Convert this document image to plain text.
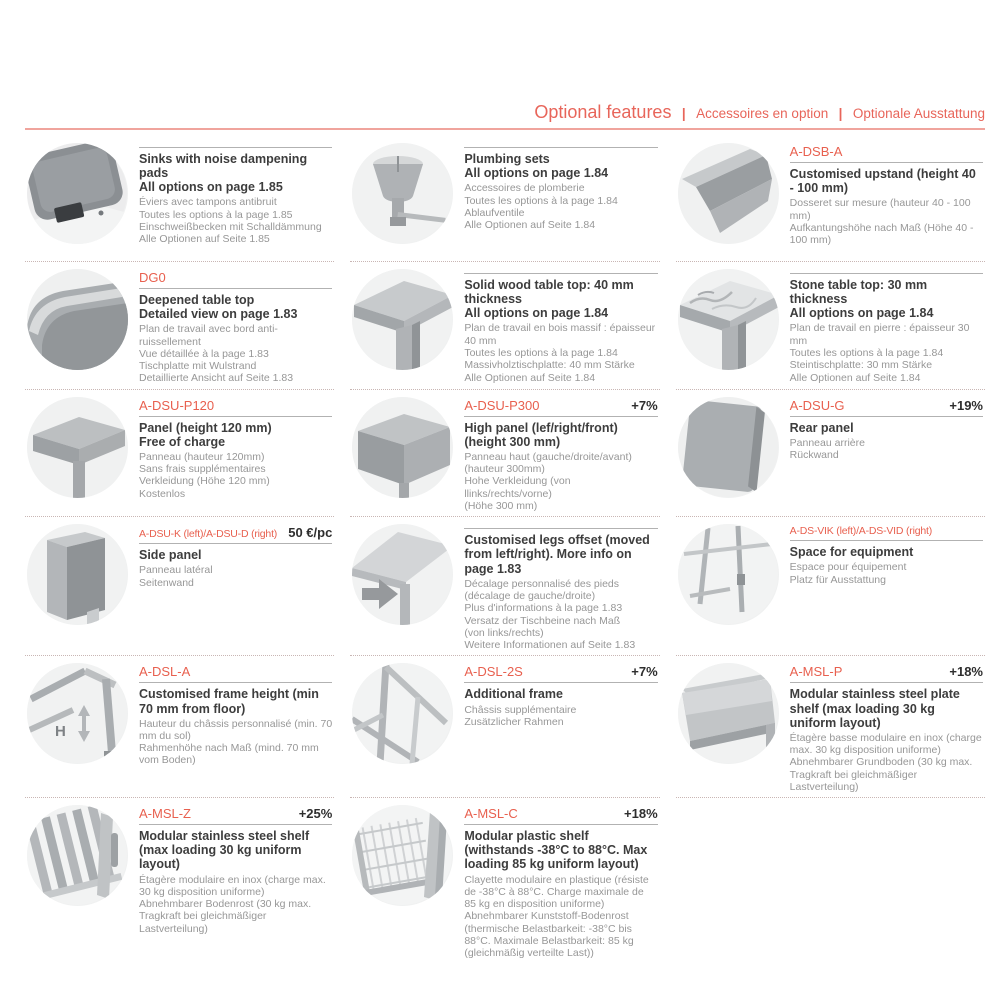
Optional features | Accessoires en option | Optionale Ausstattung
Sinks with noise dampening pads
All options on page 1.85
Éviers avec tampons antibruit
Toutes les options à la page 1.85
Einschweißbecken mit Schalldämmung
Alle Optionen auf Seite 1.85
Plumbing sets
All options on page 1.84
Accessoires de plomberie
Toutes les options à la page 1.84
Ablaufventile
Alle Optionen auf Seite 1.84
A-DSB-A
Customised upstand (height 40 - 100 mm)
Dosseret sur mesure (hauteur 40 - 100 mm)
Aufkantungshöhe nach Maß (Höhe 40 - 100 mm)
DG0
Deepened table top
Detailed view on page 1.83
Plan de travail avec bord anti-ruissellement
Vue détaillée à la page 1.83
Tischplatte mit Wulstrand
Detaillierte Ansicht auf Seite 1.83
Solid wood table top: 40 mm thickness
All options on page 1.84
Plan de travail en bois massif : épaisseur 40 mm
Toutes les options à la page 1.84
Massivholztischplatte: 40 mm Stärke
Alle Optionen auf Seite 1.84
Stone table top: 30 mm thickness
All options on page 1.84
Plan de travail en pierre : épaisseur 30 mm
Toutes les options à la page 1.84
Steintischplatte: 30 mm Stärke
Alle Optionen auf Seite 1.84
A-DSU-P120
Panel (height 120 mm)
Free of charge
Panneau (hauteur 120mm)
Sans frais supplémentaires
Verkleidung (Höhe 120 mm)
Kostenlos
A-DSU-P300	+7%
High panel (lef/right/front) (height 300 mm)
Panneau haut (gauche/droite/avant)
(hauteur 300mm)
Hohe Verkleidung (von llinks/rechts/vorne)
(Höhe 300 mm)
A-DSU-G	+19%
Rear panel
Panneau arrière
Rückwand
A-DSU-K (left)/A-DSU-D (right) 50 €/pc
Side panel
Panneau latéral
Seitenwand
Customised legs offset (moved from left/right). More info on page 1.83
Décalage personnalisé des pieds
(décalage de gauche/droite)
Plus d'informations à la page 1.83
Versatz der Tischbeine nach Maß
(von links/rechts)
Weitere Informationen auf Seite 1.83
A-DS-VIK (left)/A-DS-VID (right)
Space for equipment
Espace pour équipement
Platz für Ausstattung
H
A-DSL-A
Customised frame height (min 70 mm from floor)
Hauteur du châssis personnalisé (min. 70 mm du sol)
Rahmenhöhe nach Maß (mind. 70 mm vom Boden)
A-DSL-2S	+7%
Additional frame
Châssis supplémentaire
Zusätzlicher Rahmen
A-MSL-P	+18%
Modular stainless steel plate shelf (max loading 30 kg uniform layout)
Étagère basse modulaire en inox (charge max. 30 kg disposition uniforme)
Abnehmbarer Grundboden (30 kg max. Tragkraft bei gleichmäßiger Lastverteilung)
A-MSL-Z	+25%
Modular stainless steel shelf (max loading 30 kg uniform layout)
Étagère modulaire en inox (charge max. 30 kg disposition uniforme)
Abnehmbarer Bodenrost (30 kg max. Tragkraft bei gleichmäßiger Lastverteilung)
A-MSL-C	+18%
Modular plastic shelf (withstands -38°C to 88°C. Max loading 85 kg uniform layout)
Clayette modulaire en plastique (résiste de -38°C à 88°C. Charge maximale de 85 kg en disposition uniforme)
Abnehmbarer Kunststoff-Bodenrost (thermische Belastbarkeit: -38°C bis 88°C. Maximale Belastbarkeit: 85 kg (gleichmäßig verteilte Last))
